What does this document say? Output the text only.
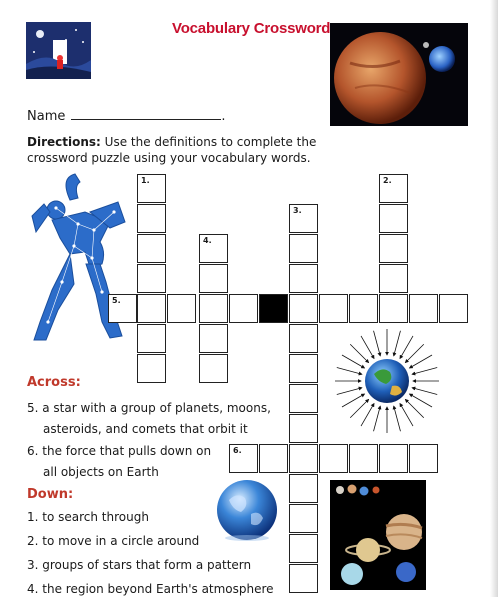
Vocabulary Crossword
Name	.
Directions: Use the definitions to complete the crossword puzzle using your vocabulary words.
1.	2.
3.
4.
5.
6.
Across:
5. a star with a group of planets, moons,
asteroids, and comets that orbit it
6. the force that pulls down on
all objects on Earth
Down:
1. to search through
2. to move in a circle around
3. groups of stars that form a pattern
4. the region beyond Earth's atmosphere
